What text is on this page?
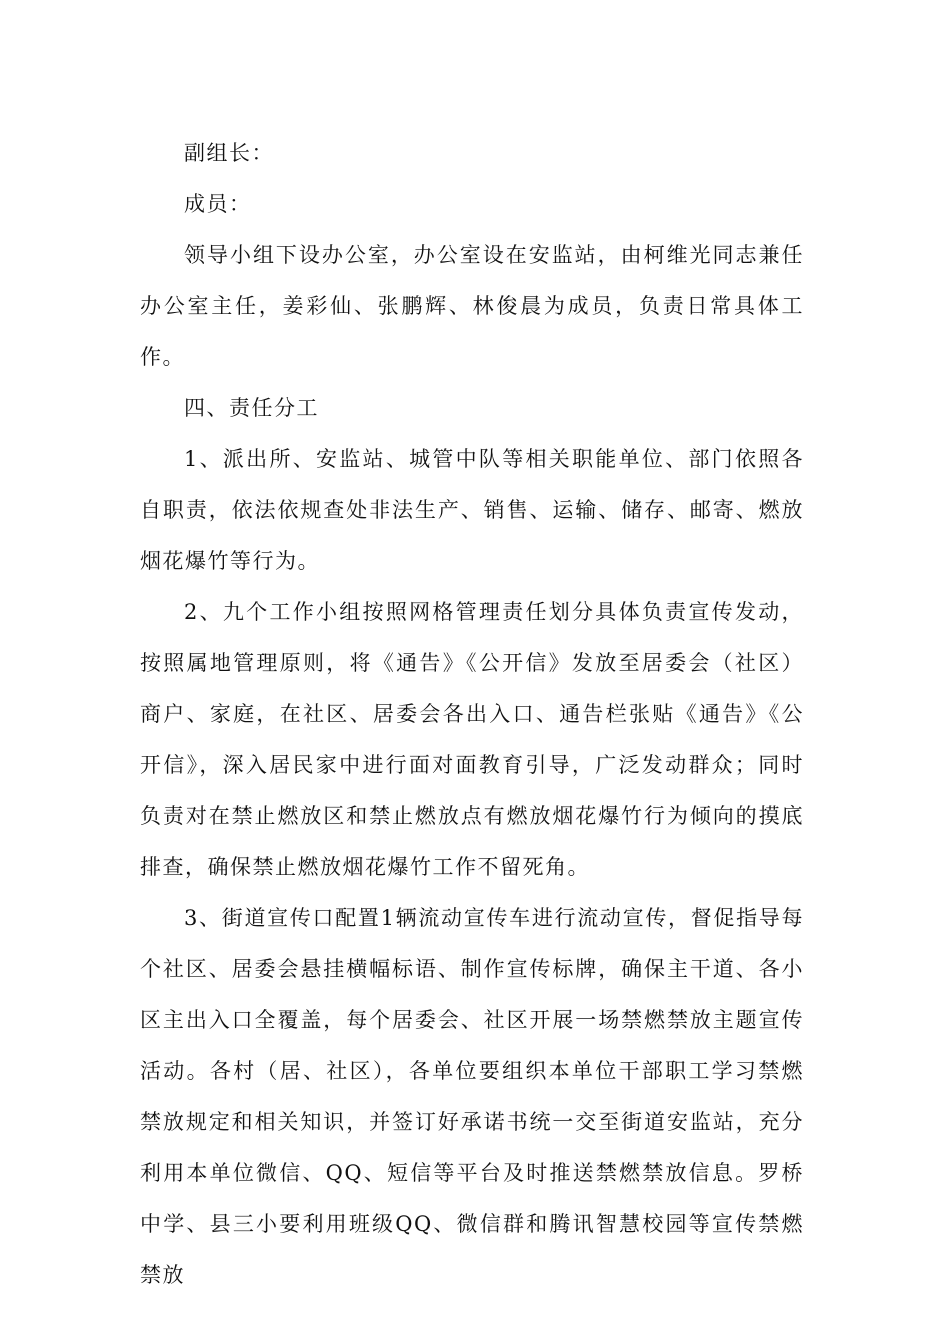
副组长：

成员：

领导小组下设办公室，办公室设在安监站，由柯维光同志兼任办公室主任，姜彩仙、张鹏辉、林俊晨为成员，负责日常具体工作。

四、责任分工

1、派出所、安监站、城管中队等相关职能单位、部门依照各自职责，依法依规查处非法生产、销售、运输、储存、邮寄、燃放烟花爆竹等行为。

2、九个工作小组按照网格管理责任划分具体负责宣传发动，按照属地管理原则，将《通告》《公开信》发放至居委会（社区）商户、家庭，在社区、居委会各出入口、通告栏张贴《通告》《公开信》，深入居民家中进行面对面教育引导，广泛发动群众；同时负责对在禁止燃放区和禁止燃放点有燃放烟花爆竹行为倾向的摸底排查，确保禁止燃放烟花爆竹工作不留死角。

3、街道宣传口配置1辆流动宣传车进行流动宣传，督促指导每个社区、居委会悬挂横幅标语、制作宣传标牌，确保主干道、各小区主出入口全覆盖，每个居委会、社区开展一场禁燃禁放主题宣传活动。各村（居、社区），各单位要组织本单位干部职工学习禁燃禁放规定和相关知识，并签订好承诺书统一交至街道安监站，充分利用本单位微信、QQ、短信等平台及时推送禁燃禁放信息。罗桥中学、县三小要利用班级QQ、微信群和腾讯智慧校园等宣传禁燃禁放
